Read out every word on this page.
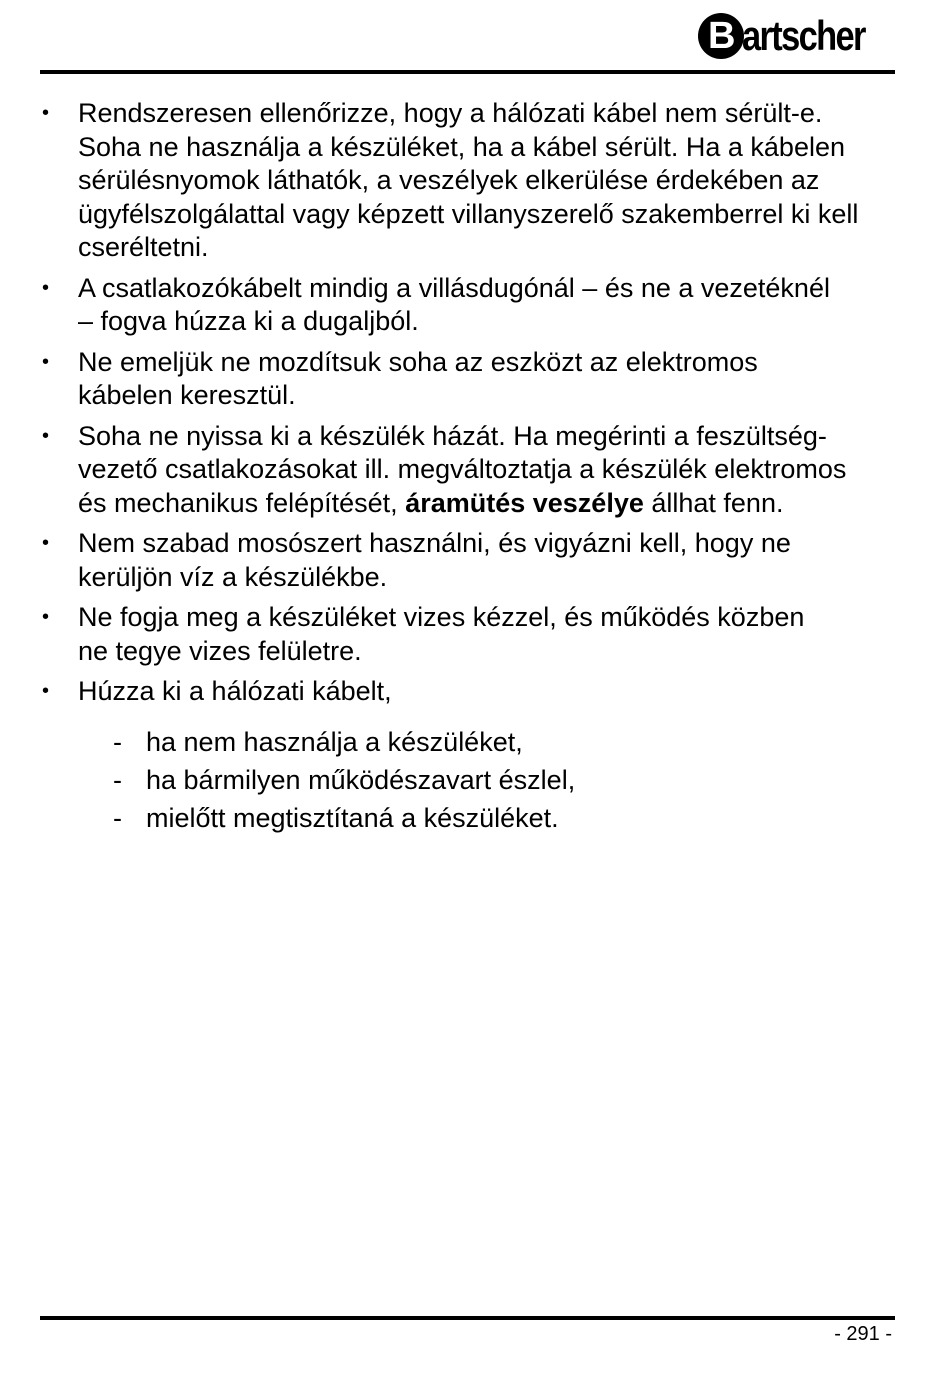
B artscher
• Rendszeresen ellenőrizze, hogy a hálózati kábel nem sérült-e.
Soha ne használja a készüléket, ha a kábel sérült. Ha a kábelen
sérülésnyomok láthatók, a veszélyek elkerülése érdekében az
ügyfélszolgálattal vagy képzett villanyszerelő szakemberrel ki kell
cseréltetni.
• A csatlakozókábelt mindig a villásdugónál – és ne a vezetéknél
– fogva húzza ki a dugaljból.
• Ne emeljük ne mozdítsuk soha az eszközt az elektromos
kábelen keresztül.
• Soha ne nyissa ki a készülék házát. Ha megérinti a feszültség-
vezető csatlakozásokat ill. megváltoztatja a készülék elektromos
és mechanikus felépítését, áramütés veszélye állhat fenn.
• Nem szabad mosószert használni, és vigyázni kell, hogy ne
kerüljön víz a készülékbe.
• Ne fogja meg a készüléket vizes kézzel, és működés közben
ne tegye vizes felületre.
• Húzza ki a hálózati kábelt,
- ha nem használja a készüléket,
- ha bármilyen működészavart észlel,
- mielőtt megtisztítaná a készüléket.
- 291 -
